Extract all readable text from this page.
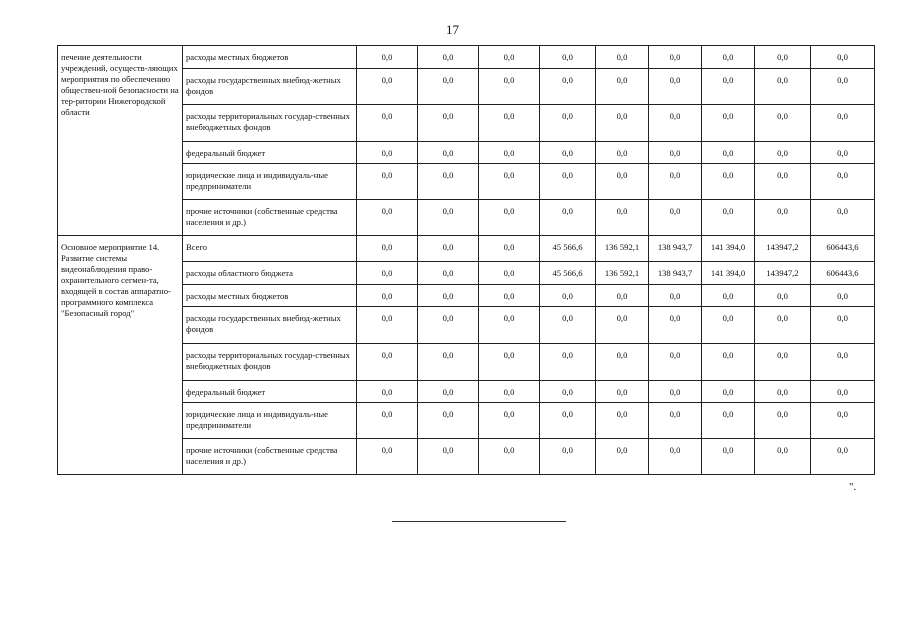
17
печение деятельности учреждений, осуществ-ляющих мероприятия по обеспечению обществен-ной безопасности на тер-ритории Нижегородской области	расходы местных бюджетов	0,0	0,0	0,0	0,0	0,0	0,0	0,0	0,0	0,0
	расходы государственных внебюд-жетных фондов	0,0	0,0	0,0	0,0	0,0	0,0	0,0	0,0	0,0
	расходы территориальных государ-ственных внебюджетных фондов	0,0	0,0	0,0	0,0	0,0	0,0	0,0	0,0	0,0
	федеральный бюджет	0,0	0,0	0,0	0,0	0,0	0,0	0,0	0,0	0,0
	юридические лица и индивидуаль-ные предприниматели	0,0	0,0	0,0	0,0	0,0	0,0	0,0	0,0	0,0
	прочие источники (собственные средства населения и др.)	0,0	0,0	0,0	0,0	0,0	0,0	0,0	0,0	0,0
Основное мероприятие 14. Развитие системы видеонаблюдения право-охранительного сегмен-та, входящей в состав аппаратно-программного комплекса "Безопасный город"	Всего	0,0	0,0	0,0	45 566,6	136 592,1	138 943,7	141 394,0	143947,2	606443,6
	расходы областного бюджета	0,0	0,0	0,0	45 566,6	136 592,1	138 943,7	141 394,0	143947,2	606443,6
	расходы местных бюджетов	0,0	0,0	0,0	0,0	0,0	0,0	0,0	0,0	0,0
	расходы государственных внебюд-жетных фондов	0,0	0,0	0,0	0,0	0,0	0,0	0,0	0,0	0,0
	расходы территориальных государ-ственных внебюджетных фондов	0,0	0,0	0,0	0,0	0,0	0,0	0,0	0,0	0,0
	федеральный бюджет	0,0	0,0	0,0	0,0	0,0	0,0	0,0	0,0	0,0
	юридические лица и индивидуаль-ные предприниматели	0,0	0,0	0,0	0,0	0,0	0,0	0,0	0,0	0,0
	прочие источники (собственные средства населения и др.)	0,0	0,0	0,0	0,0	0,0	0,0	0,0	0,0	0,0
".
